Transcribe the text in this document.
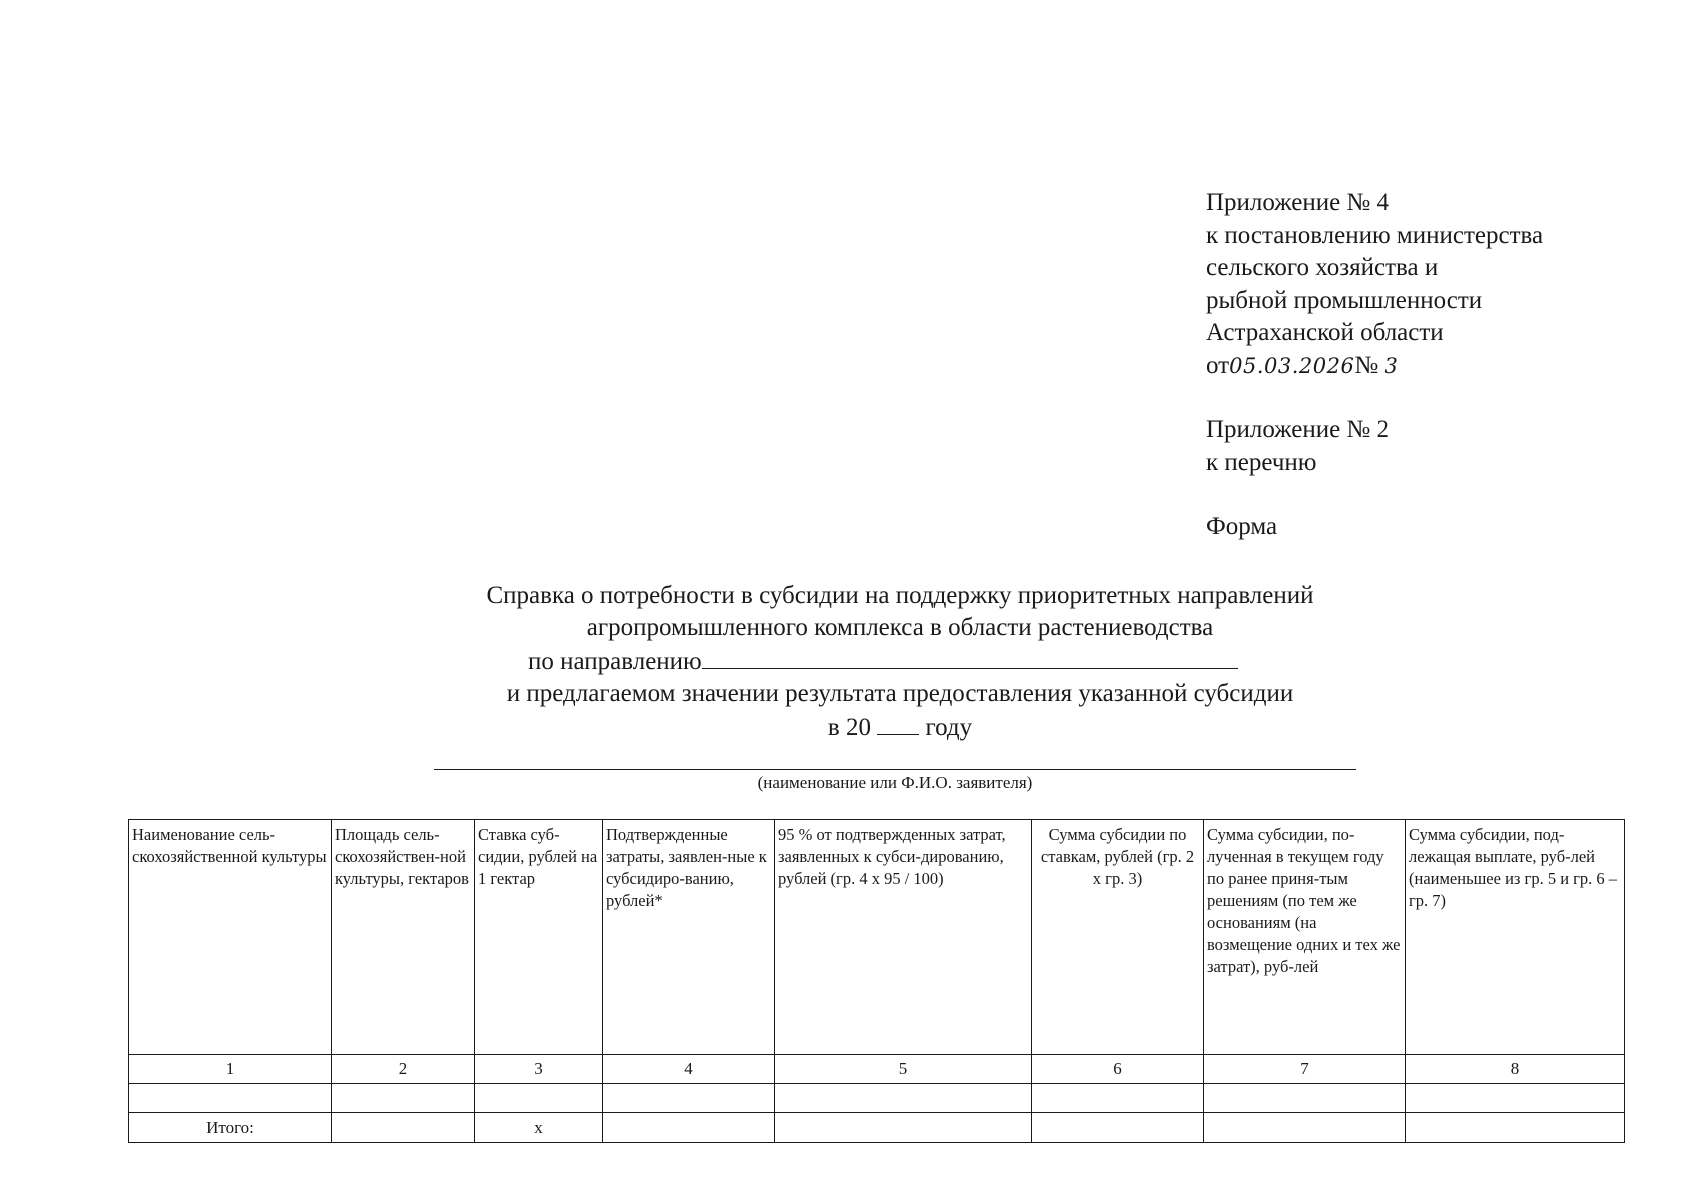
Приложение № 4
к постановлению министерства
сельского хозяйства и
рыбной промышленности
Астраханской области
от05.03.2026№ 3
Приложение № 2
к перечню
Форма
Справка о потребности в субсидии на поддержку приоритетных направлений
агропромышленного комплекса в области растениеводства
по направлению
и предлагаемом значении результата предоставления указанной субсидии
в 20 году
(наименование или Ф.И.О. заявителя)
Наименование сель-скохозяйственной культуры	Площадь сель-скохозяйствен-ной культуры, гектаров	Ставка суб-сидии, рублей на 1 гектар	Подтвержденные затраты, заявлен-ные к субсидиро-ванию, рублей*	95 % от подтвержденных затрат, заявленных к субси-дированию, рублей (гр. 4 х 95 / 100)	Сумма субсидии по ставкам, рублей (гр. 2 х гр. 3)	Сумма субсидии, по-лученная в текущем году по ранее приня-тым решениям (по тем же основаниям (на возмещение одних и тех же затрат), руб-лей	Сумма субсидии, под-лежащая выплате, руб-лей (наименьшее из гр. 5 и гр. 6 – гр. 7)
1	2	3	4	5	6	7	8

Итого:		х					
